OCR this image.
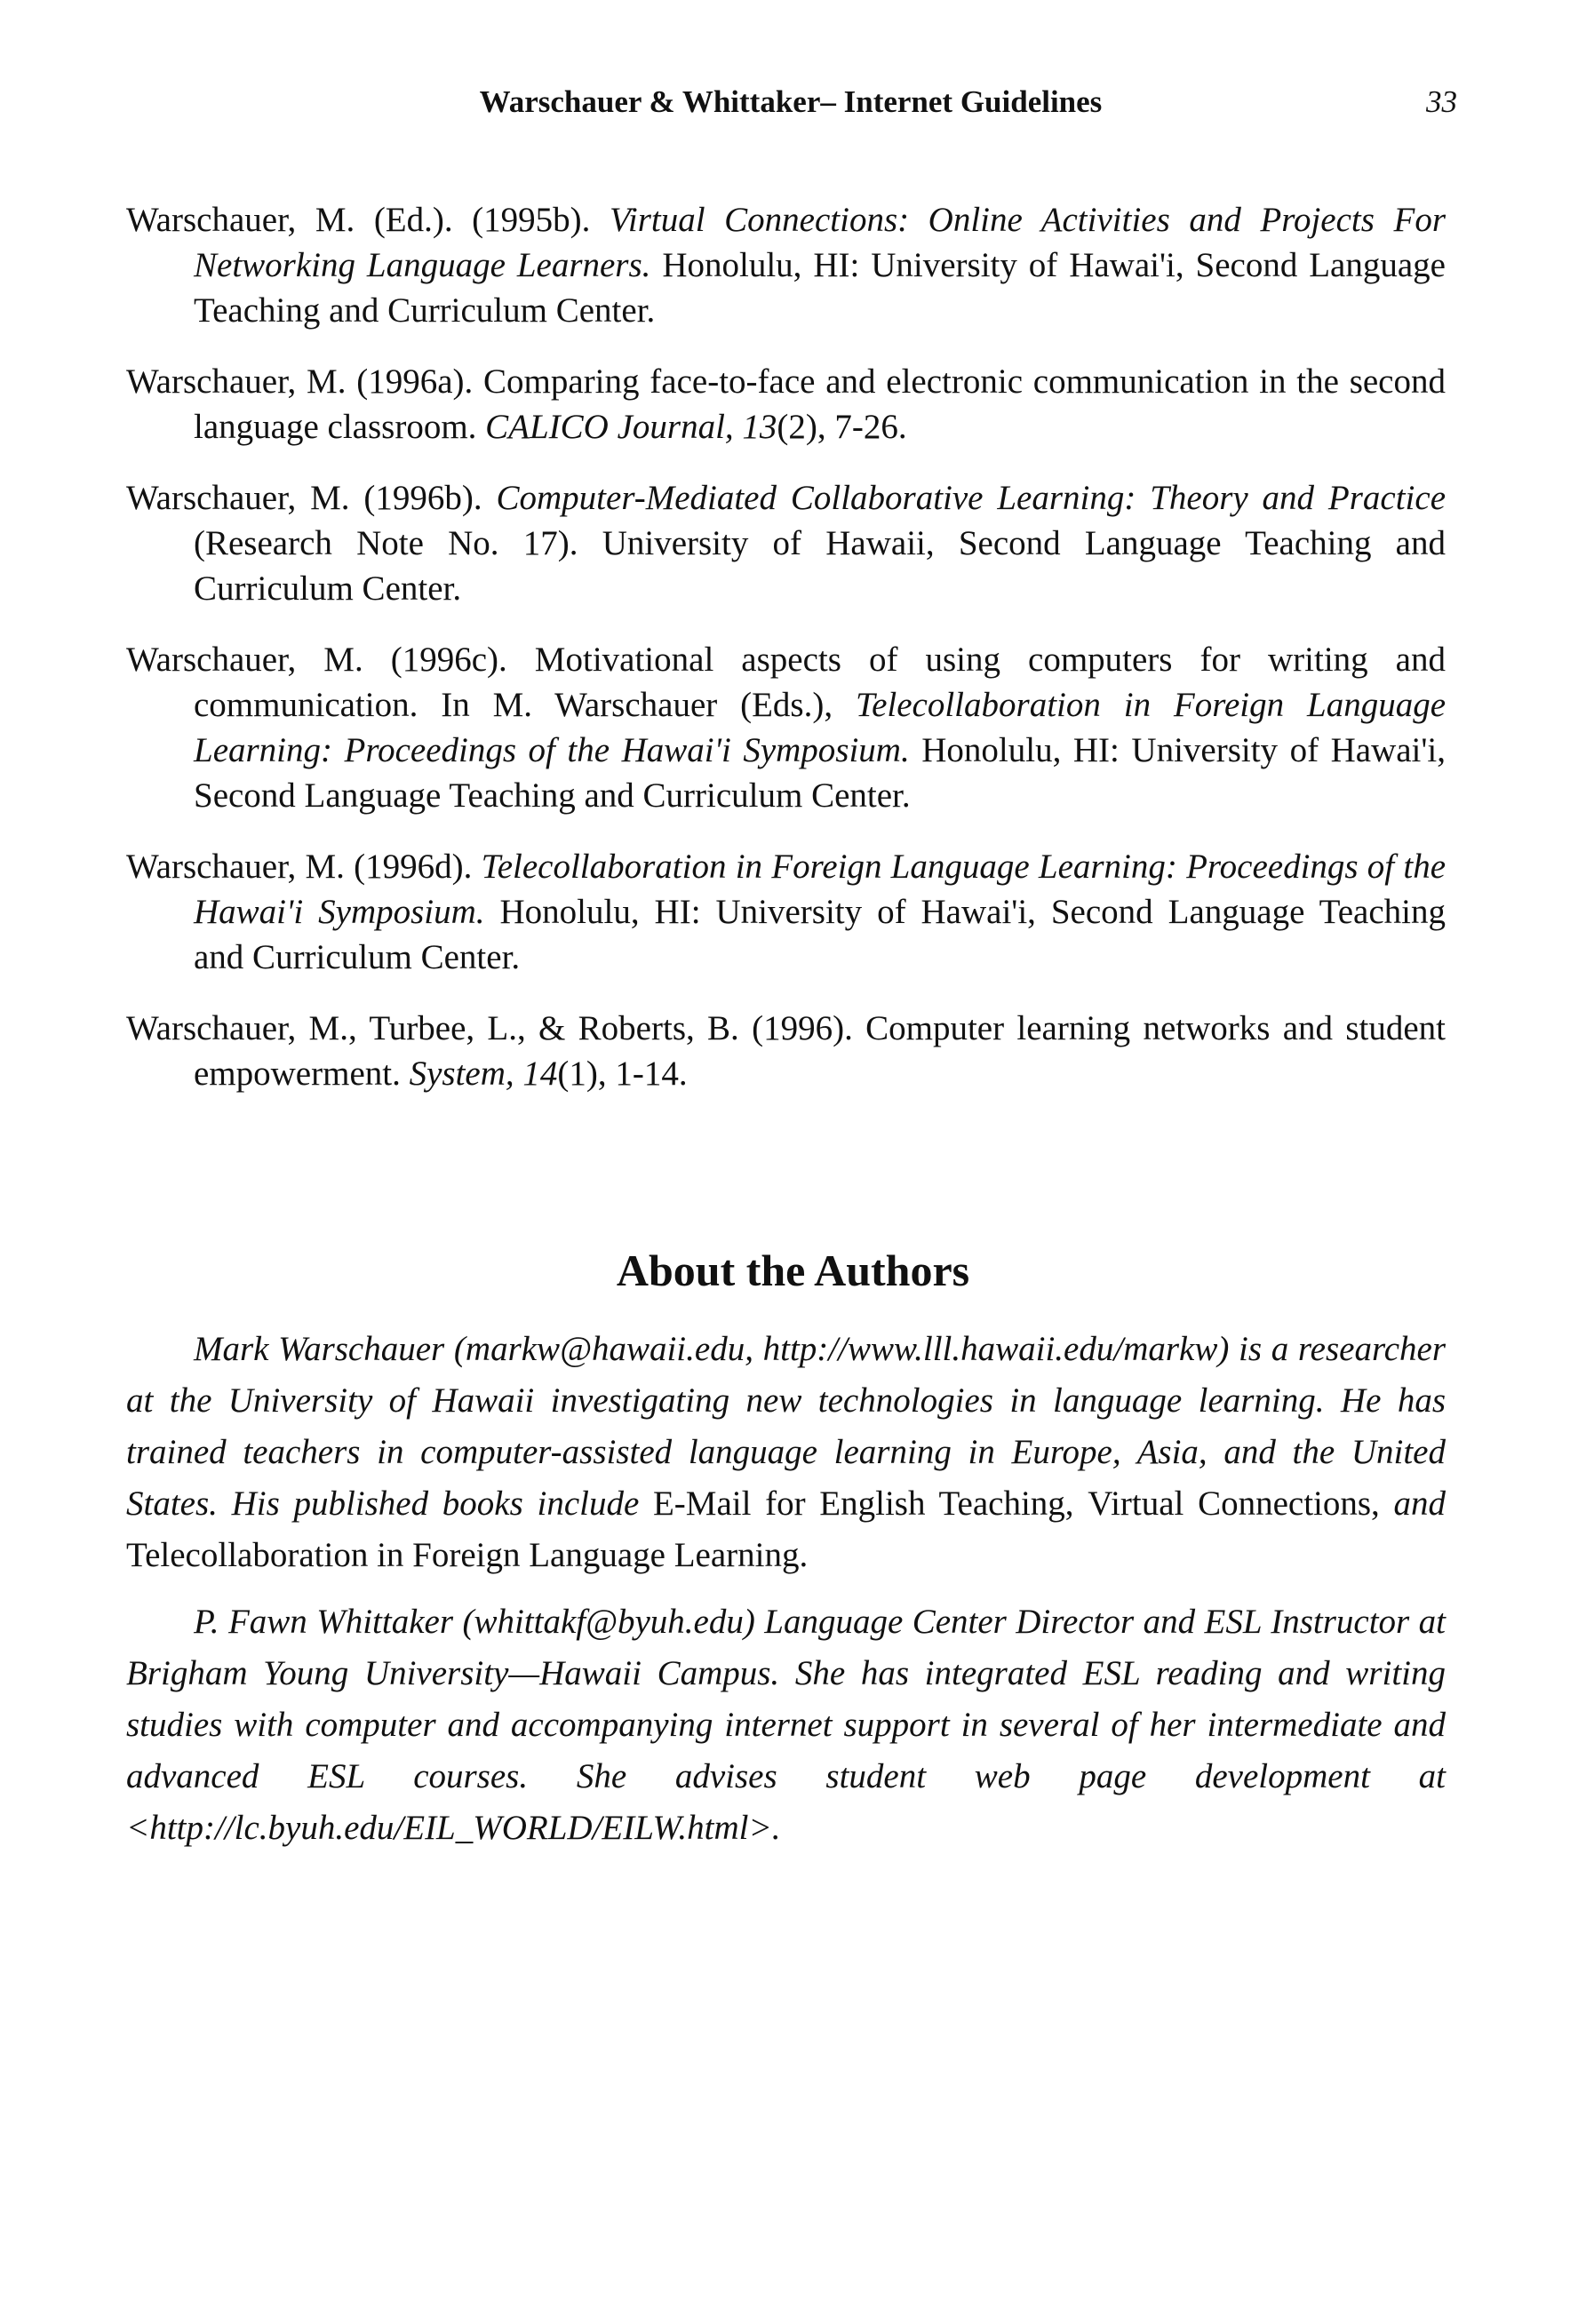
Warschauer & Whittaker– Internet Guidelines	33

Warschauer, M. (Ed.). (1995b). Virtual Connections: Online Activities and Projects For Networking Language Learners. Honolulu, HI: University of Hawai'i, Second Language Teaching and Curriculum Center.

Warschauer, M. (1996a). Comparing face-to-face and electronic communication in the second language classroom. CALICO Journal, 13(2), 7-26.

Warschauer, M. (1996b). Computer-Mediated Collaborative Learning: Theory and Practice (Research Note No. 17). University of Hawaii, Second Language Teaching and Curriculum Center.

Warschauer, M. (1996c). Motivational aspects of using computers for writing and communication. In M. Warschauer (Eds.), Telecollaboration in Foreign Language Learning: Proceedings of the Hawai'i Symposium. Honolulu, HI: University of Hawai'i, Second Language Teaching and Curriculum Center.

Warschauer, M. (1996d). Telecollaboration in Foreign Language Learning: Proceedings of the Hawai'i Symposium. Honolulu, HI: University of Hawai'i, Second Language Teaching and Curriculum Center.

Warschauer, M., Turbee, L., & Roberts, B. (1996). Computer learning networks and student empowerment. System, 14(1), 1-14.

About the Authors

Mark Warschauer (markw@hawaii.edu, http://www.lll.hawaii.edu/markw) is a researcher at the University of Hawaii investigating new technologies in language learning. He has trained teachers in computer-assisted language learning in Europe, Asia, and the United States. His published books include E-Mail for English Teaching, Virtual Connections, and Telecollaboration in Foreign Language Learning.

P. Fawn Whittaker (whittakf@byuh.edu) Language Center Director and ESL Instructor at Brigham Young University—Hawaii Campus. She has integrated ESL reading and writing studies with computer and accompanying internet support in several of her intermediate and advanced ESL courses. She advises student web page development at <http://lc.byuh.edu/EIL_WORLD/EILW.html>.
